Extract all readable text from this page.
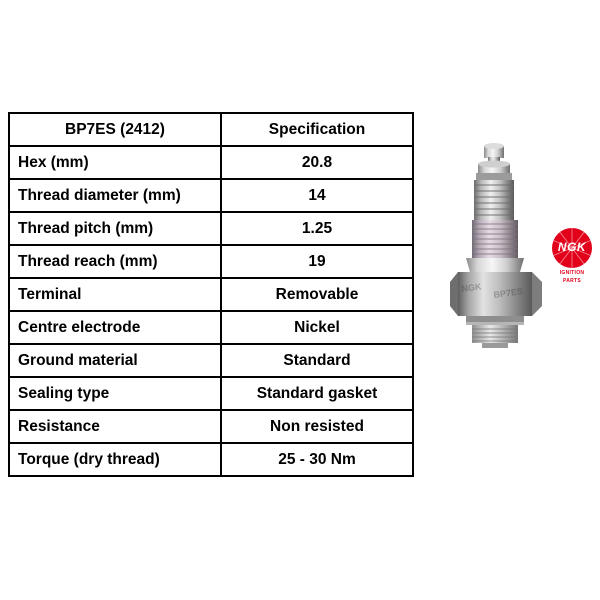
BP7ES (2412)	Specification
Hex (mm)	20.8
Thread diameter (mm)	14
Thread pitch (mm)	1.25
Thread reach (mm)	19
Terminal	Removable
Centre electrode	Nickel
Ground material	Standard
Sealing type	Standard gasket
Resistance	Non resisted
Torque (dry thread)	25 - 30 Nm
NGK BP7ES
NGK
IGNITION
PARTS
